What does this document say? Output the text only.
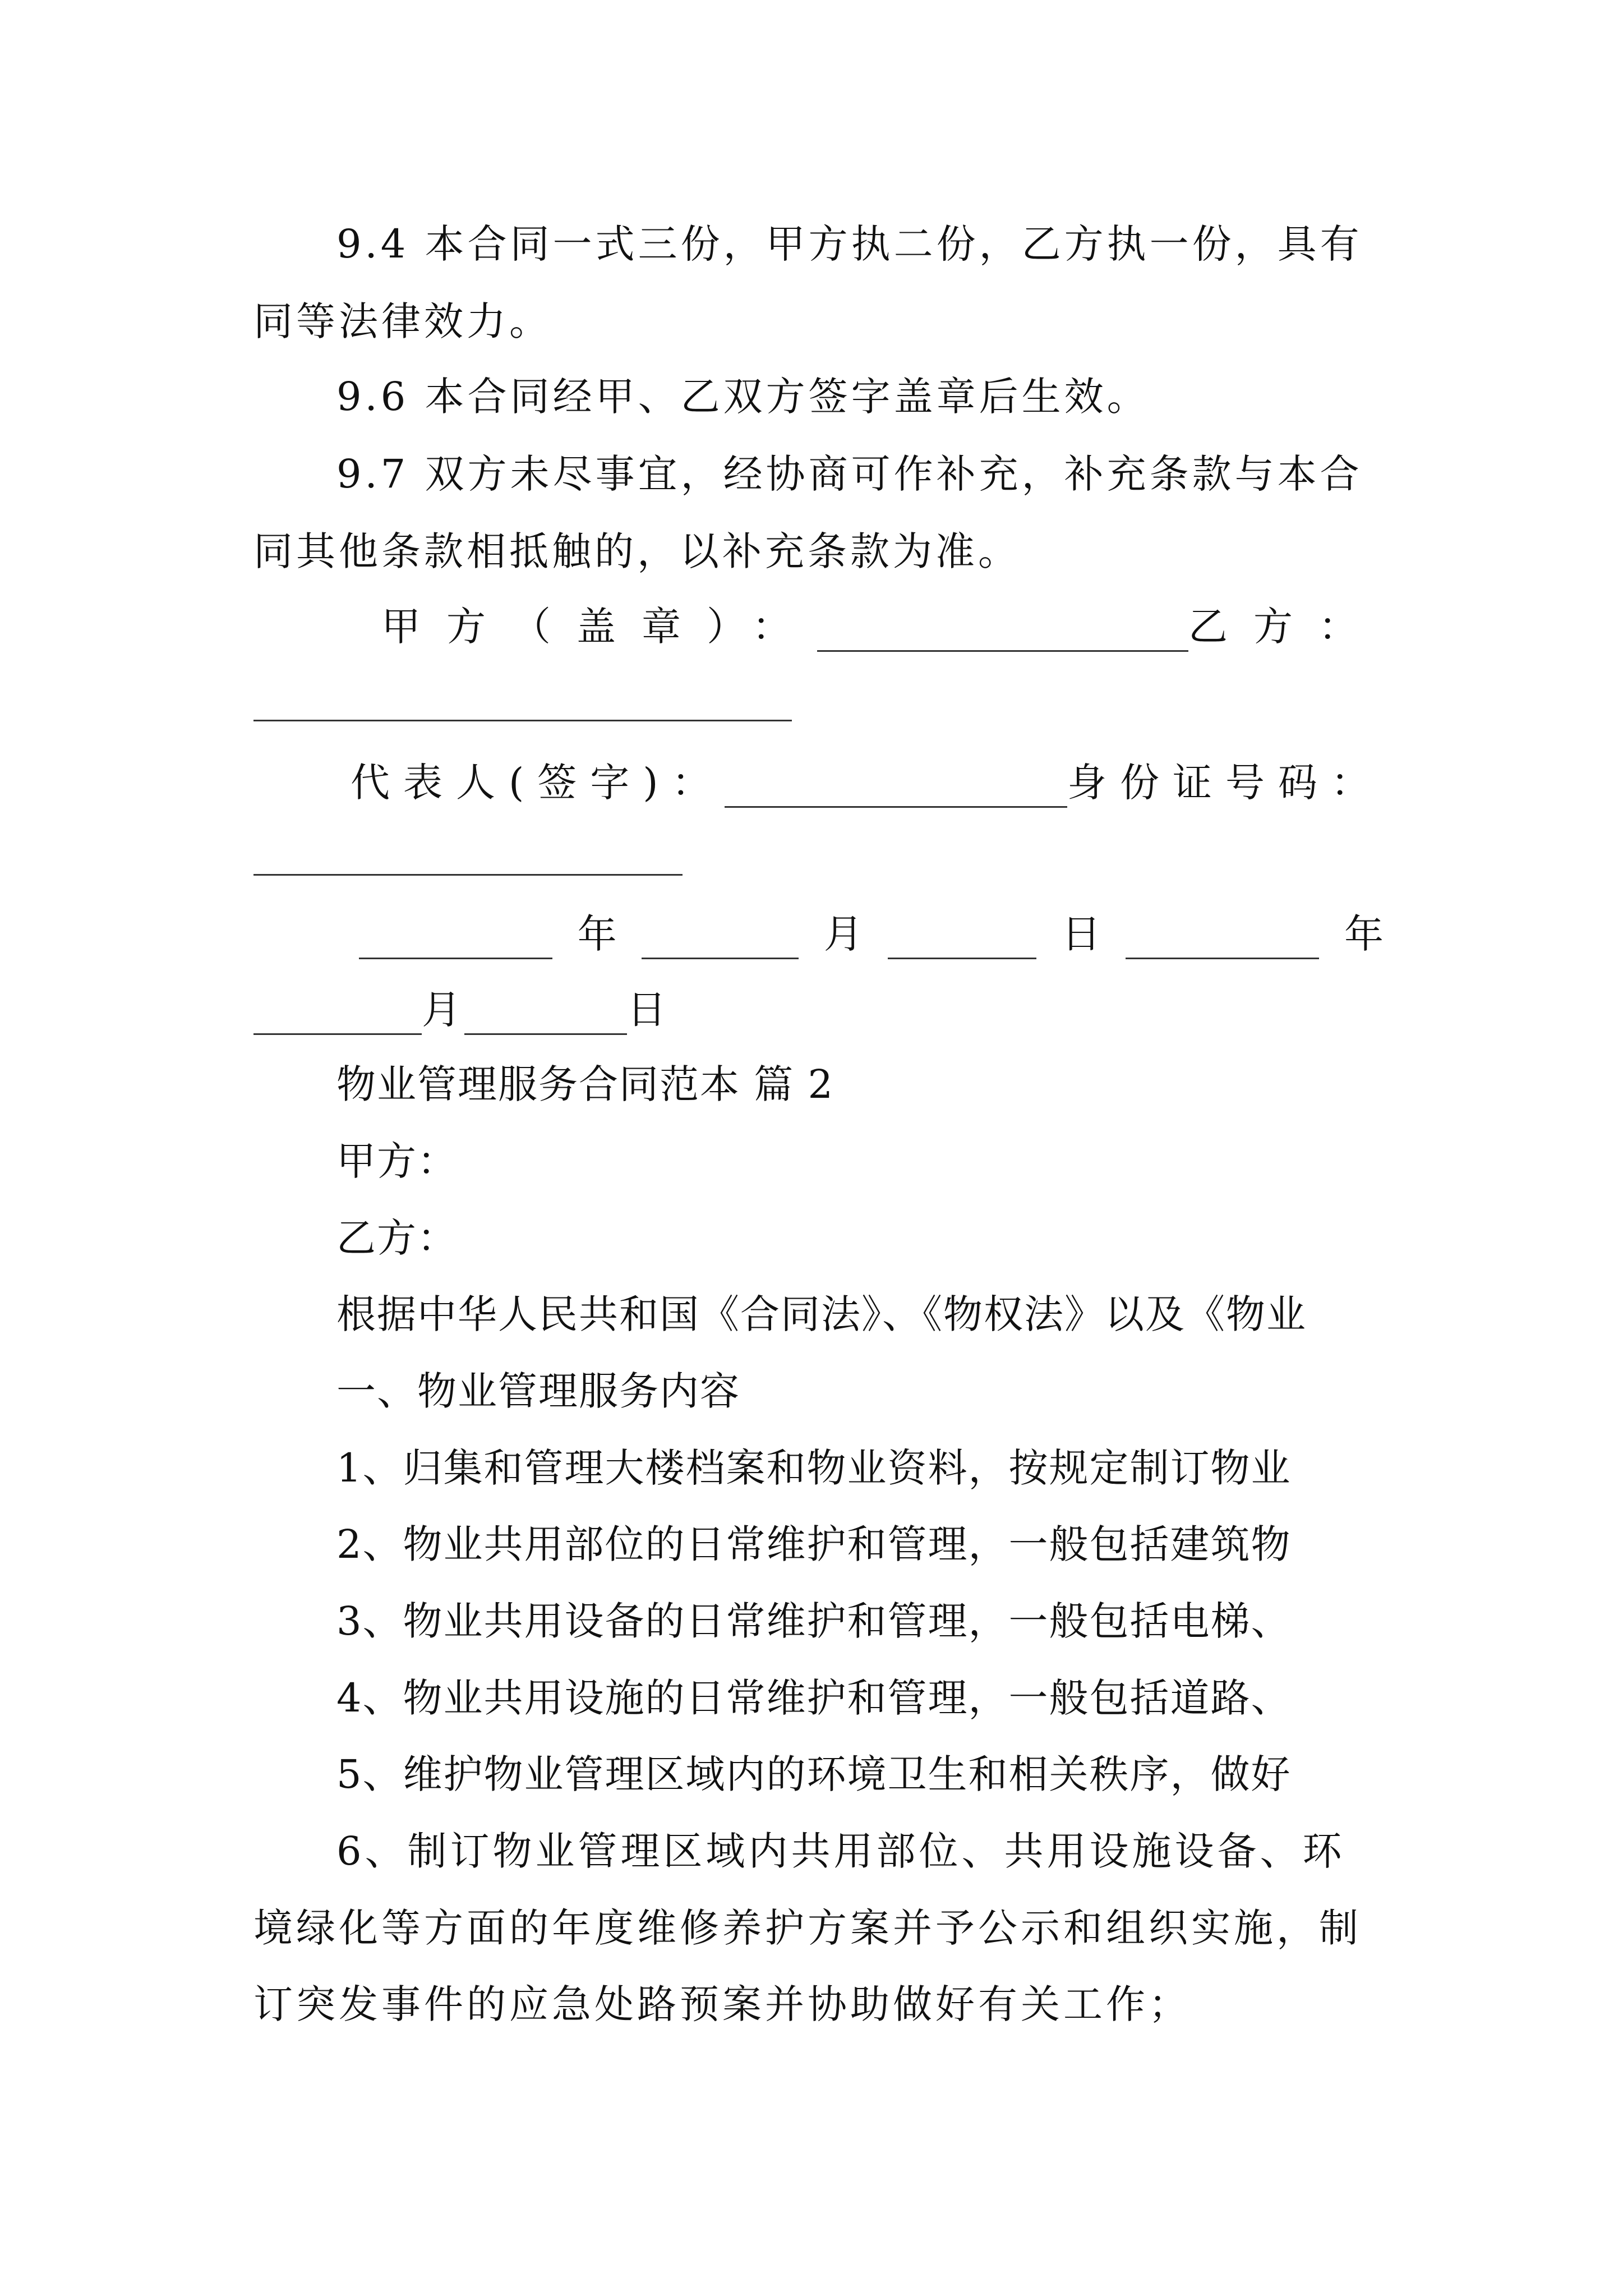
9.4 本合同一式三份，甲方执二份，乙方执一份，具有
同等法律效力。
9.6 本合同经甲、乙双方签字盖章后生效。
9.7 双方未尽事宜，经协商可作补充，补充条款与本合
同其他条款相抵触的，以补充条款为准。
甲方（盖章）：	乙方：
代表人(签字)：	身份证号码：
年	月	日	年
月	日
物业管理服务合同范本 篇 2
甲方：
乙方：
根据中华人民共和国《合同法》、《物权法》以及《物业
一、物业管理服务内容
1、归集和管理大楼档案和物业资料，按规定制订物业
2、物业共用部位的日常维护和管理，一般包括建筑物
3、物业共用设备的日常维护和管理，一般包括电梯、
4、物业共用设施的日常维护和管理，一般包括道路、
5、维护物业管理区域内的环境卫生和相关秩序，做好
6、制订物业管理区域内共用部位、共用设施设备、环
境绿化等方面的年度维修养护方案并予公示和组织实施，制
订突发事件的应急处路预案并协助做好有关工作；
